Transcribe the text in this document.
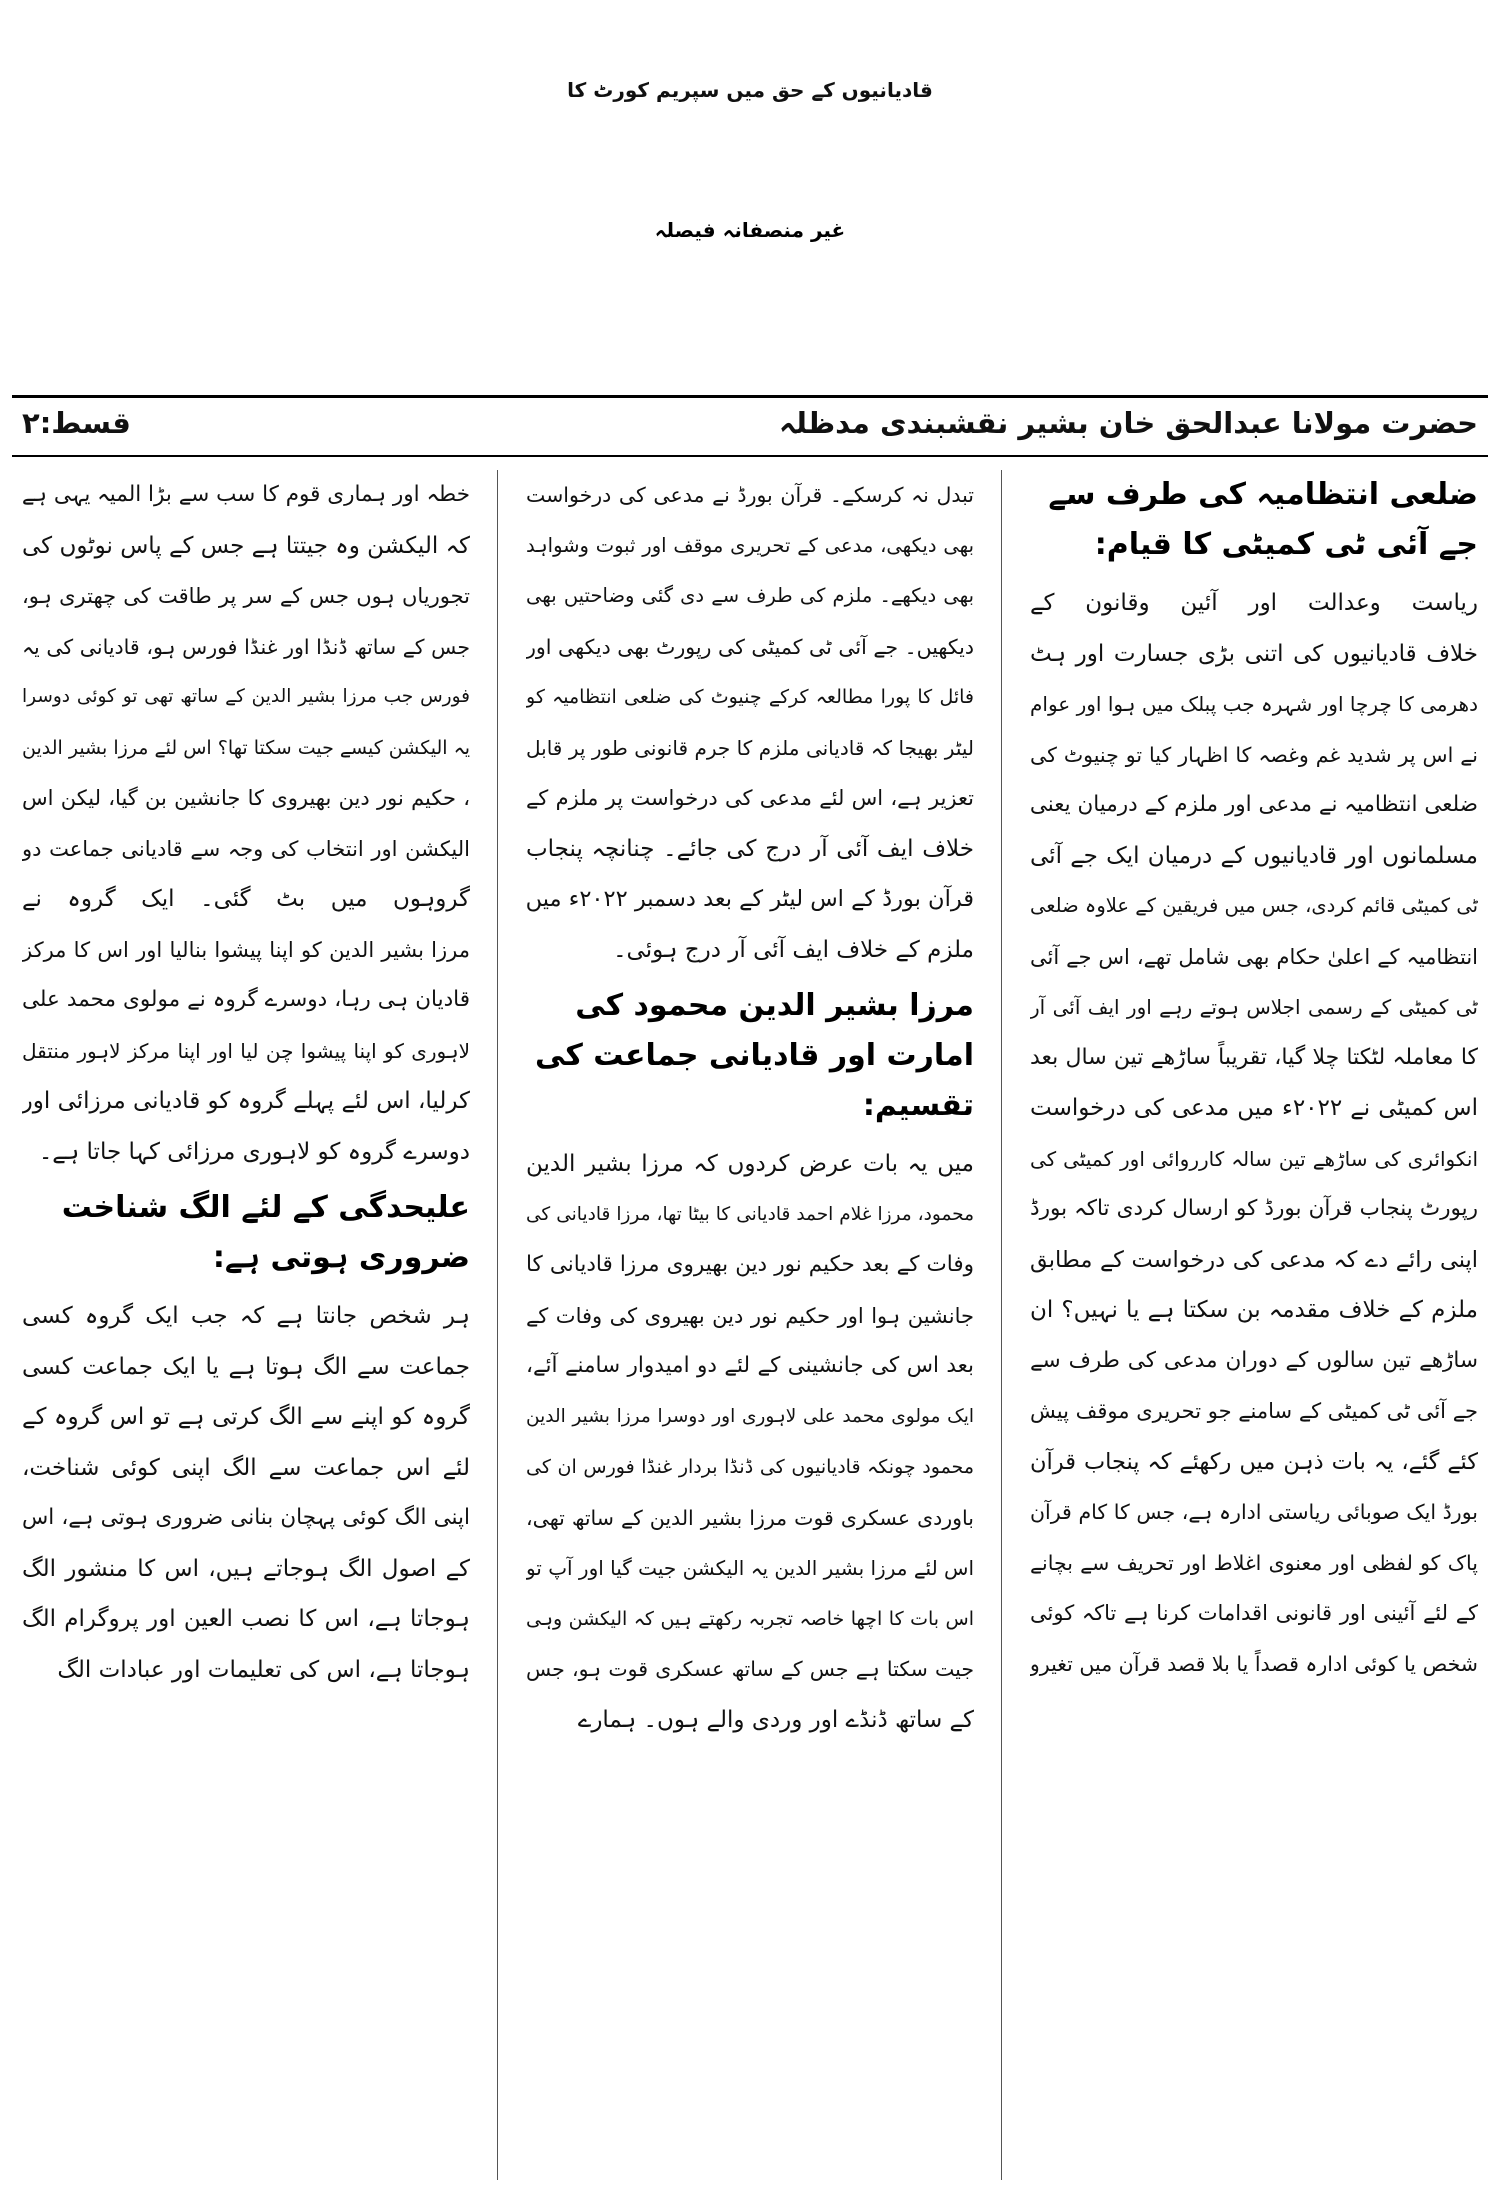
قادیانیوں کے حق میں سپریم کورٹ کا
غیر منصفانہ فیصلہ
حضرت مولانا عبدالحق خان بشیر نقشبندی مدظلہ
قسط:۲
ضلعی انتظامیہ کی طرف سے جے آئی ٹی کمیٹی کا قیام:
ریاست وعدالت اور آئین وقانون کے
خلاف قادیانیوں کی اتنی بڑی جسارت اور ہٹ
دھرمی کا چرچا اور شہرہ جب پبلک میں ہوا اور عوام
نے اس پر شدید غم وغصہ کا اظہار کیا تو چنیوٹ کی
ضلعی انتظامیہ نے مدعی اور ملزم کے درمیان یعنی
مسلمانوں اور قادیانیوں کے درمیان ایک جے آئی
ٹی کمیٹی قائم کردی، جس میں فریقین کے علاوہ ضلعی
انتظامیہ کے اعلیٰ حکام بھی شامل تھے، اس جے آئی
ٹی کمیٹی کے رسمی اجلاس ہوتے رہے اور ایف آئی آر
کا معاملہ لٹکتا چلا گیا، تقریباً ساڑھے تین سال بعد
اس کمیٹی نے ۲۰۲۲ء میں مدعی کی درخواست
انکوائری کی ساڑھے تین سالہ کارروائی اور کمیٹی کی
رپورٹ پنجاب قرآن بورڈ کو ارسال کردی تاکہ بورڈ
اپنی رائے دے کہ مدعی کی درخواست کے مطابق
ملزم کے خلاف مقدمہ بن سکتا ہے یا نہیں؟ ان
ساڑھے تین سالوں کے دوران مدعی کی طرف سے
جے آئی ٹی کمیٹی کے سامنے جو تحریری موقف پیش
کئے گئے، یہ بات ذہن میں رکھئے کہ پنجاب قرآن
بورڈ ایک صوبائی ریاستی ادارہ ہے، جس کا کام قرآن
پاک کو لفظی اور معنوی اغلاط اور تحریف سے بچانے
کے لئے آئینی اور قانونی اقدامات کرنا ہے تاکہ کوئی
شخص یا کوئی ادارہ قصداً یا بلا قصد قرآن میں تغیرو
تبدل نہ کرسکے۔ قرآن بورڈ نے مدعی کی درخواست
بھی دیکھی، مدعی کے تحریری موقف اور ثبوت وشواہد
بھی دیکھے۔ ملزم کی طرف سے دی گئی وضاحتیں بھی
دیکھیں۔ جے آئی ٹی کمیٹی کی رپورٹ بھی دیکھی اور
فائل کا پورا مطالعہ کرکے چنیوٹ کی ضلعی انتظامیہ کو
لیٹر بھیجا کہ قادیانی ملزم کا جرم قانونی طور پر قابل
تعزیر ہے، اس لئے مدعی کی درخواست پر ملزم کے
خلاف ایف آئی آر درج کی جائے۔ چنانچہ پنجاب
قرآن بورڈ کے اس لیٹر کے بعد دسمبر ۲۰۲۲ء میں
ملزم کے خلاف ایف آئی آر درج ہوئی۔
مرزا بشیر الدین محمود کی امارت اور قادیانی جماعت کی تقسیم:
میں یہ بات عرض کردوں کہ مرزا بشیر الدین
محمود، مرزا غلام احمد قادیانی کا بیٹا تھا، مرزا قادیانی کی
وفات کے بعد حکیم نور دین بھیروی مرزا قادیانی کا
جانشین ہوا اور حکیم نور دین بھیروی کی وفات کے
بعد اس کی جانشینی کے لئے دو امیدوار سامنے آئے،
ایک مولوی محمد علی لاہوری اور دوسرا مرزا بشیر الدین
محمود چونکہ قادیانیوں کی ڈنڈا بردار غنڈا فورس ان کی
باوردی عسکری قوت مرزا بشیر الدین کے ساتھ تھی،
اس لئے مرزا بشیر الدین یہ الیکشن جیت گیا اور آپ تو
اس بات کا اچھا خاصہ تجربہ رکھتے ہیں کہ الیکشن وہی
جیت سکتا ہے جس کے ساتھ عسکری قوت ہو، جس
کے ساتھ ڈنڈے اور وردی والے ہوں۔ ہمارے
خطہ اور ہماری قوم کا سب سے بڑا المیہ یہی ہے
کہ الیکشن وہ جیتتا ہے جس کے پاس نوٹوں کی
تجوریاں ہوں جس کے سر پر طاقت کی چھتری ہو،
جس کے ساتھ ڈنڈا اور غنڈا فورس ہو، قادیانی کی یہ
فورس جب مرزا بشیر الدین کے ساتھ تھی تو کوئی دوسرا
یہ الیکشن کیسے جیت سکتا تھا؟ اس لئے مرزا بشیر الدین
، حکیم نور دین بھیروی کا جانشین بن گیا، لیکن اس
الیکشن اور انتخاب کی وجہ سے قادیانی جماعت دو
گروہوں میں بٹ گئی۔ ایک گروہ نے
مرزا بشیر الدین کو اپنا پیشوا بنالیا اور اس کا مرکز
قادیان ہی رہا، دوسرے گروہ نے مولوی محمد علی
لاہوری کو اپنا پیشوا چن لیا اور اپنا مرکز لاہور منتقل
کرلیا، اس لئے پہلے گروہ کو قادیانی مرزائی اور
دوسرے گروہ کو لاہوری مرزائی کہا جاتا ہے۔
علیحدگی کے لئے الگ شناخت ضروری ہوتی ہے:
ہر شخص جانتا ہے کہ جب ایک گروہ کسی
جماعت سے الگ ہوتا ہے یا ایک جماعت کسی
گروہ کو اپنے سے الگ کرتی ہے تو اس گروہ کے
لئے اس جماعت سے الگ اپنی کوئی شناخت،
اپنی الگ کوئی پہچان بنانی ضروری ہوتی ہے، اس
کے اصول الگ ہوجاتے ہیں، اس کا منشور الگ
ہوجاتا ہے، اس کا نصب العین اور پروگرام الگ
ہوجاتا ہے، اس کی تعلیمات اور عبادات الگ
